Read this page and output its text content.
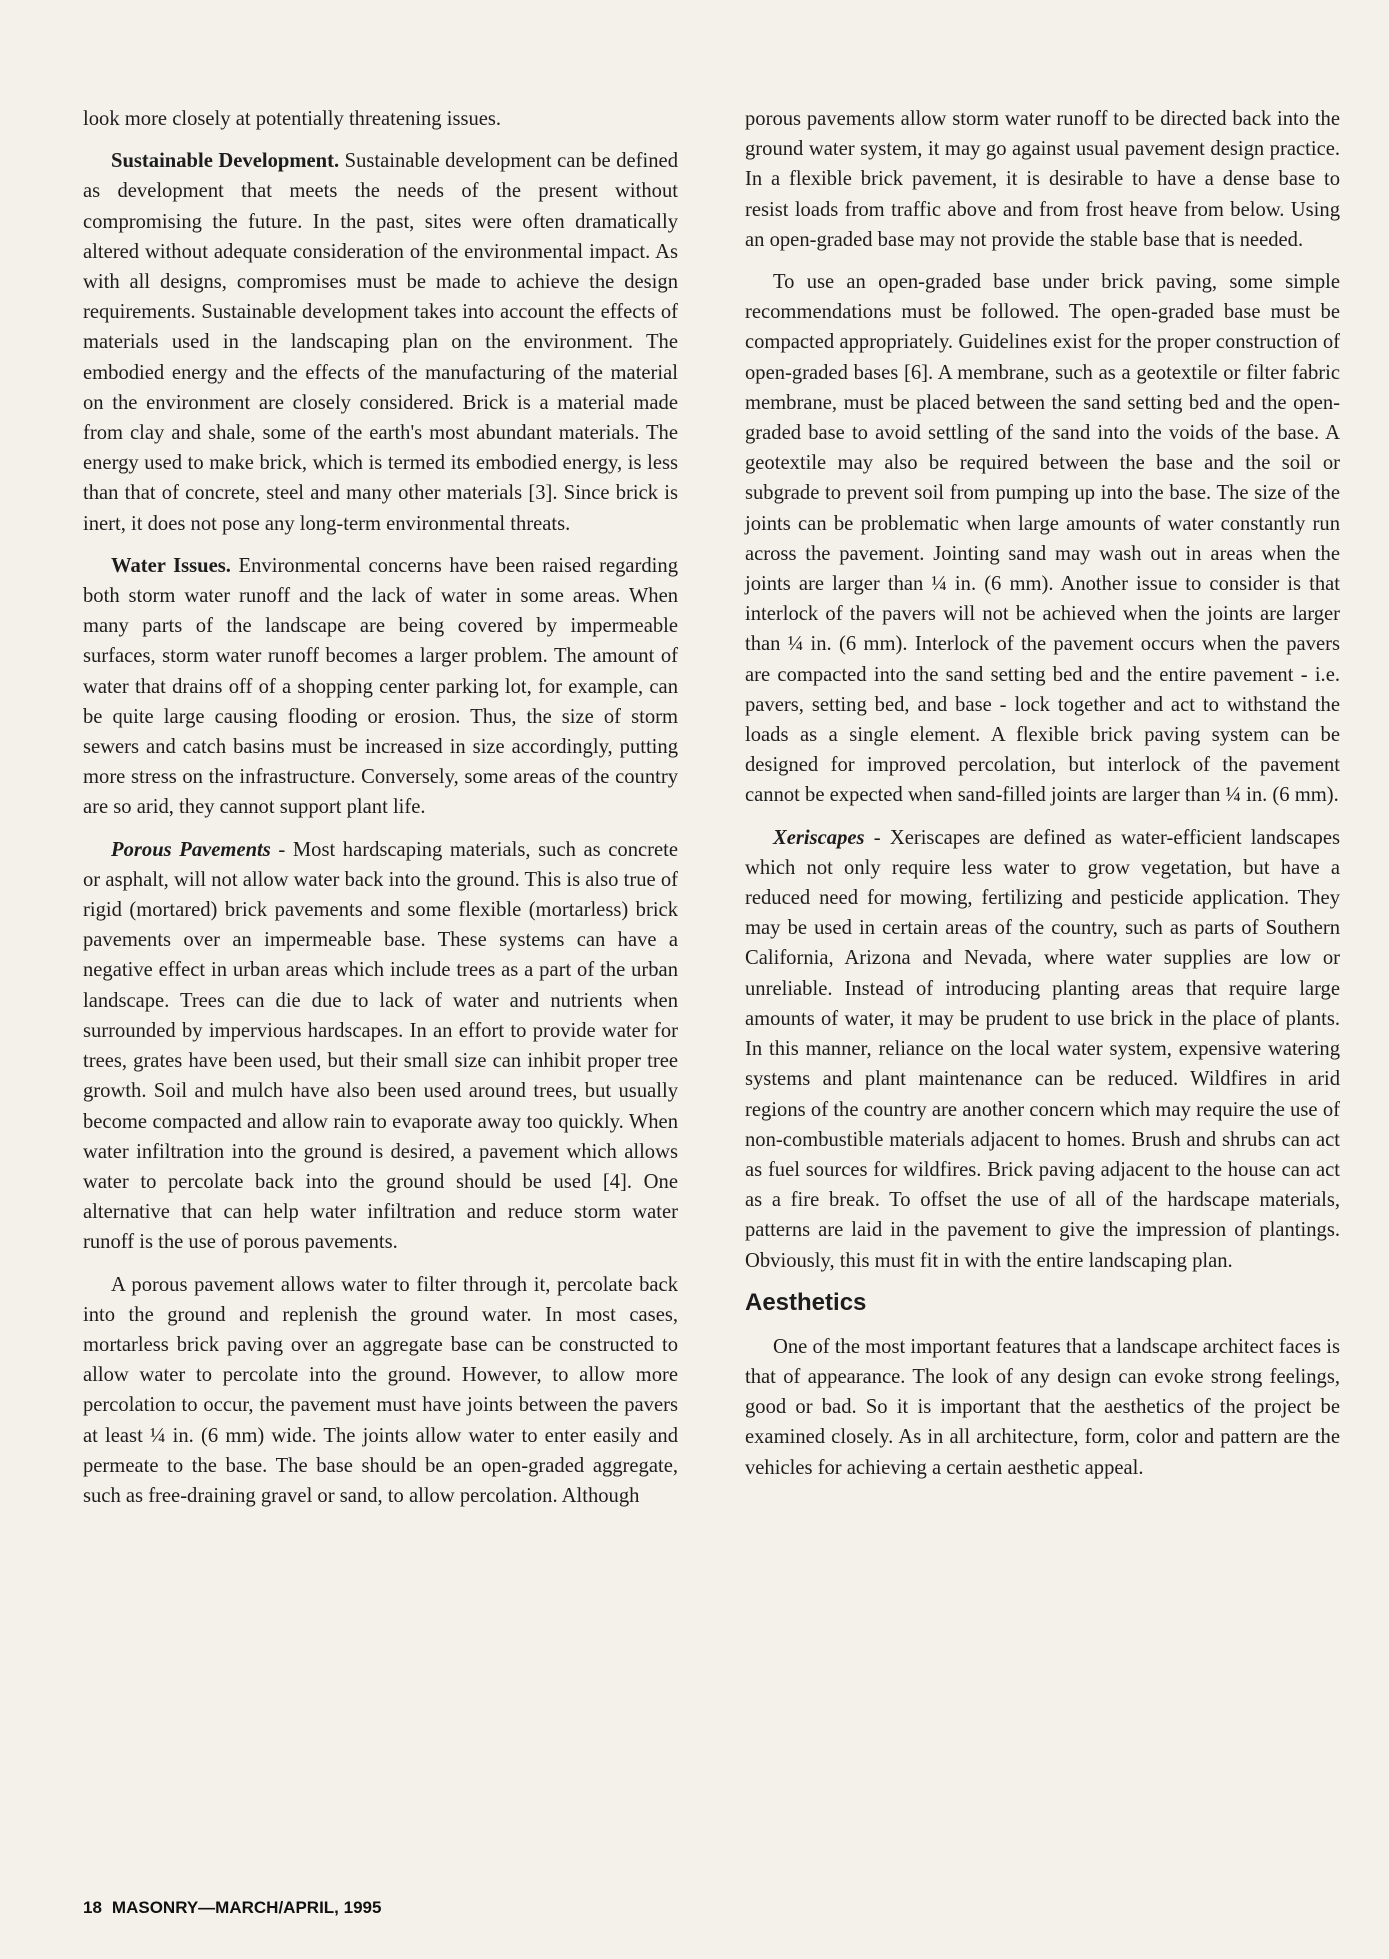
look more closely at potentially threatening issues.

Sustainable Development. Sustainable development can be defined as development that meets the needs of the present without compromising the future. In the past, sites were often dramatically altered without adequate consideration of the environmental impact. As with all designs, compromises must be made to achieve the design requirements. Sustainable development takes into account the effects of materials used in the landscaping plan on the environment. The embodied energy and the effects of the manufacturing of the material on the environment are closely considered. Brick is a material made from clay and shale, some of the earth's most abundant materials. The energy used to make brick, which is termed its embodied energy, is less than that of concrete, steel and many other materials [3]. Since brick is inert, it does not pose any long-term environmental threats.

Water Issues. Environmental concerns have been raised regarding both storm water runoff and the lack of water in some areas. When many parts of the landscape are being covered by impermeable surfaces, storm water runoff becomes a larger problem. The amount of water that drains off of a shopping center parking lot, for example, can be quite large causing flooding or erosion. Thus, the size of storm sewers and catch basins must be increased in size accordingly, putting more stress on the infrastructure. Conversely, some areas of the country are so arid, they cannot support plant life.

Porous Pavements - Most hardscaping materials, such as concrete or asphalt, will not allow water back into the ground. This is also true of rigid (mortared) brick pavements and some flexible (mortarless) brick pavements over an impermeable base. These systems can have a negative effect in urban areas which include trees as a part of the urban landscape. Trees can die due to lack of water and nutrients when surrounded by impervious hardscapes. In an effort to provide water for trees, grates have been used, but their small size can inhibit proper tree growth. Soil and mulch have also been used around trees, but usually become compacted and allow rain to evaporate away too quickly. When water infiltration into the ground is desired, a pavement which allows water to percolate back into the ground should be used [4]. One alternative that can help water infiltration and reduce storm water runoff is the use of porous pavements.

A porous pavement allows water to filter through it, percolate back into the ground and replenish the ground water. In most cases, mortarless brick paving over an aggregate base can be constructed to allow water to percolate into the ground. However, to allow more percolation to occur, the pavement must have joints between the pavers at least ¼ in. (6 mm) wide. The joints allow water to enter easily and permeate to the base. The base should be an open-graded aggregate, such as free-draining gravel or sand, to allow percolation. Although

porous pavements allow storm water runoff to be directed back into the ground water system, it may go against usual pavement design practice. In a flexible brick pavement, it is desirable to have a dense base to resist loads from traffic above and from frost heave from below. Using an open-graded base may not provide the stable base that is needed.

To use an open-graded base under brick paving, some simple recommendations must be followed. The open-graded base must be compacted appropriately. Guidelines exist for the proper construction of open-graded bases [6]. A membrane, such as a geotextile or filter fabric membrane, must be placed between the sand setting bed and the open-graded base to avoid settling of the sand into the voids of the base. A geotextile may also be required between the base and the soil or subgrade to prevent soil from pumping up into the base. The size of the joints can be problematic when large amounts of water constantly run across the pavement. Jointing sand may wash out in areas when the joints are larger than ¼ in. (6 mm). Another issue to consider is that interlock of the pavers will not be achieved when the joints are larger than ¼ in. (6 mm). Interlock of the pavement occurs when the pavers are compacted into the sand setting bed and the entire pavement - i.e. pavers, setting bed, and base - lock together and act to withstand the loads as a single element. A flexible brick paving system can be designed for improved percolation, but interlock of the pavement cannot be expected when sand-filled joints are larger than ¼ in. (6 mm).

Xeriscapes - Xeriscapes are defined as water-efficient landscapes which not only require less water to grow vegetation, but have a reduced need for mowing, fertilizing and pesticide application. They may be used in certain areas of the country, such as parts of Southern California, Arizona and Nevada, where water supplies are low or unreliable. Instead of introducing planting areas that require large amounts of water, it may be prudent to use brick in the place of plants. In this manner, reliance on the local water system, expensive watering systems and plant maintenance can be reduced. Wildfires in arid regions of the country are another concern which may require the use of non-combustible materials adjacent to homes. Brush and shrubs can act as fuel sources for wildfires. Brick paving adjacent to the house can act as a fire break. To offset the use of all of the hardscape materials, patterns are laid in the pavement to give the impression of plantings. Obviously, this must fit in with the entire landscaping plan.

Aesthetics

One of the most important features that a landscape architect faces is that of appearance. The look of any design can evoke strong feelings, good or bad. So it is important that the aesthetics of the project be examined closely. As in all architecture, form, color and pattern are the vehicles for achieving a certain aesthetic appeal.

18 MASONRY—MARCH/APRIL, 1995
